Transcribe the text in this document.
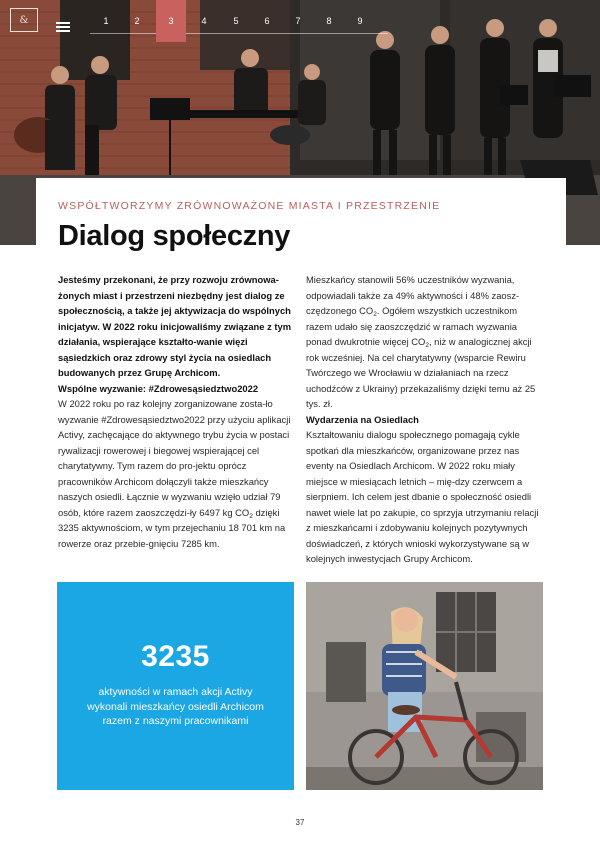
&	1	2	3	4	5	6	7	8	9
WSPÓŁTWORZYMY ZRÓWNOWAŻONE MIASTA I PRZESTRZENIE
Dialog społeczny

Jesteśmy przekonani, że przy rozwoju zrównowa-żonych miast i przestrzeni niezbędny jest dialog ze społecznością, a także jej aktywizacja do wspólnych inicjatyw. W 2022 roku inicjowaliśmy związane z tym działania, wspierające kształto-wanie więzi sąsiedzkich oraz zdrowy styl życia na osiedlach budowanych przez Grupę Archicom.

Wspólne wyzwanie: #Zdrowesąsiedztwo2022

W 2022 roku po raz kolejny zorganizowane zosta-ło wyzwanie #Zdrowesąsiedztwo2022 przy użyciu aplikacji Activy, zachęcające do aktywnego trybu życia w postaci rywalizacji rowerowej i biegowej wspierającej cel charytatywny. Tym razem do pro-jektu oprócz pracowników Archicom dołączyli także mieszkańcy naszych osiedli. Łącznie w wyzwaniu wzięło udział 79 osób, które razem zaoszczędzi-ły 6497 kg $CO_2$ dzięki 3235 aktywnościom, w tym przejechaniu 18 701 km na rowerze oraz przebie-gnięciu 7285 km.

Mieszkańcy stanowili 56% uczestników wyzwania, odpowiadali także za 49% aktywności i 48% zaosz-czędzonego $CO_2$. Ogółem wszystkich uczestnikom razem udało się zaoszczędzić w ramach wyzwania ponad dwukrotnie więcej $CO_2$, niż w analogicznej akcji rok wcześniej. Na cel charytatywny (wsparcie Rewiru Twórczego we Wrocławiu w działaniach na rzecz uchodźców z Ukrainy) przekazaliśmy dzięki temu aż 25 tys. zł.

Wydarzenia na Osiedlach

Kształtowaniu dialogu społecznego pomagają cykle spotkań dla mieszkańców, organizowane przez nas eventy na Osiedlach Archicom. W 2022 roku miały miejsce w miesiącach letnich – mię-dzy czerwcem a sierpniem. Ich celem jest dbanie o społeczność osiedli nawet wiele lat po zakupie, co sprzyja utrzymaniu relacji z mieszkańcami i zdobywaniu kolejnych pozytywnych doświadczeń, z których wnioski wykorzystywane są w kolejnych inwestycjach Grupy Archicom.

3235
aktywności w ramach akcji Activy wykonali mieszkańcy osiedli Archicom razem z naszymi pracownikami
37
